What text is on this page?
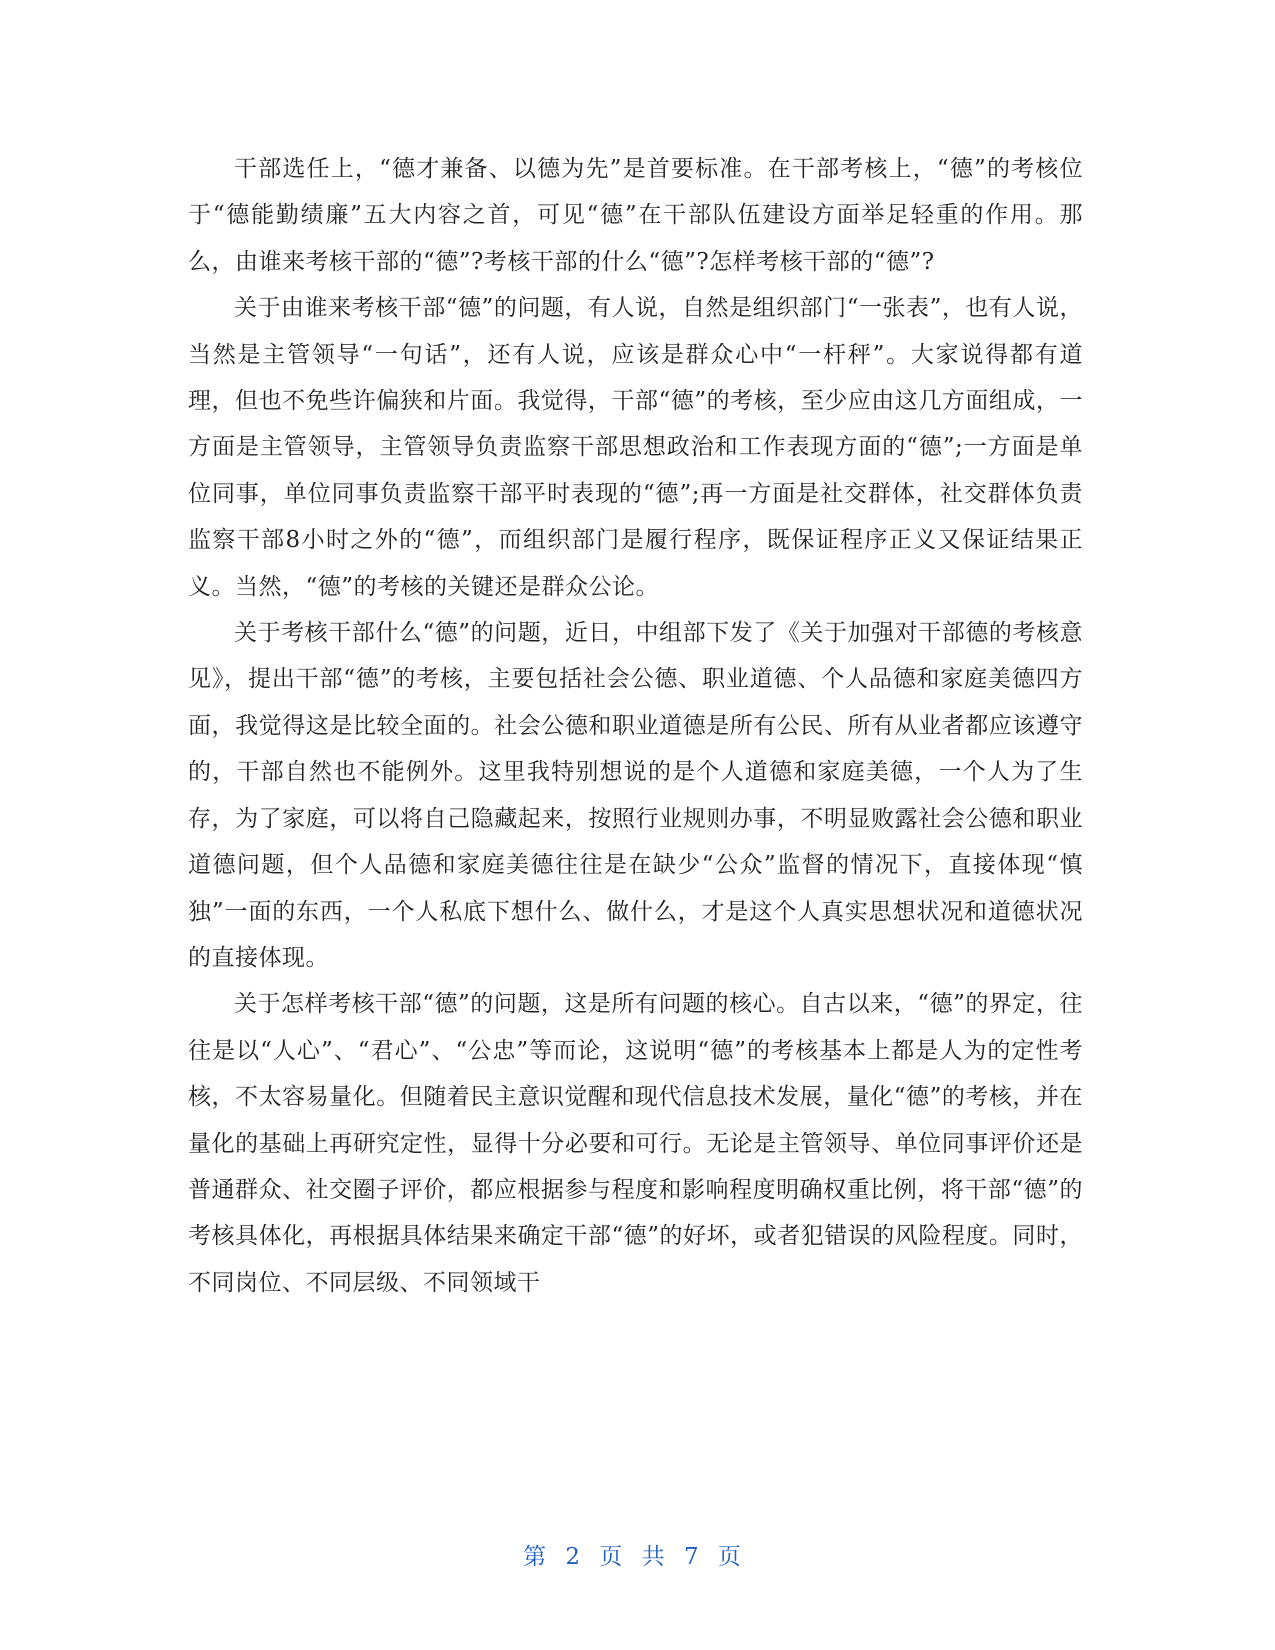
干部选任上，“德才兼备、以德为先”是首要标准。在干部考核上，“德”的考核位于“德能勤绩廉”五大内容之首，可见“德”在干部队伍建设方面举足轻重的作用。那么，由谁来考核干部的“德”?考核干部的什么“德”?怎样考核干部的“德”?

关于由谁来考核干部“德”的问题，有人说，自然是组织部门“一张表”，也有人说，当然是主管领导“一句话”，还有人说，应该是群众心中“一杆秤”。大家说得都有道理，但也不免些许偏狭和片面。我觉得，干部“德”的考核，至少应由这几方面组成，一方面是主管领导，主管领导负责监察干部思想政治和工作表现方面的“德”;一方面是单位同事，单位同事负责监察干部平时表现的“德”;再一方面是社交群体，社交群体负责监察干部8小时之外的“德”，而组织部门是履行程序，既保证程序正义又保证结果正义。当然，“德”的考核的关键还是群众公论。

关于考核干部什么“德”的问题，近日，中组部下发了《关于加强对干部德的考核意见》，提出干部“德”的考核，主要包括社会公德、职业道德、个人品德和家庭美德四方面，我觉得这是比较全面的。社会公德和职业道德是所有公民、所有从业者都应该遵守的，干部自然也不能例外。这里我特别想说的是个人道德和家庭美德，一个人为了生存，为了家庭，可以将自己隐藏起来，按照行业规则办事，不明显败露社会公德和职业道德问题，但个人品德和家庭美德往往是在缺少“公众”监督的情况下，直接体现“慎独”一面的东西，一个人私底下想什么、做什么，才是这个人真实思想状况和道德状况的直接体现。

关于怎样考核干部“德”的问题，这是所有问题的核心。自古以来，“德”的界定，往往是以“人心”、“君心”、“公忠”等而论，这说明“德”的考核基本上都是人为的定性考核，不太容易量化。但随着民主意识觉醒和现代信息技术发展，量化“德”的考核，并在量化的基础上再研究定性，显得十分必要和可行。无论是主管领导、单位同事评价还是普通群众、社交圈子评价，都应根据参与程度和影响程度明确权重比例，将干部“德”的考核具体化，再根据具体结果来确定干部“德”的好坏，或者犯错误的风险程度。同时，不同岗位、不同层级、不同领域干

第 2 页 共 7 页
